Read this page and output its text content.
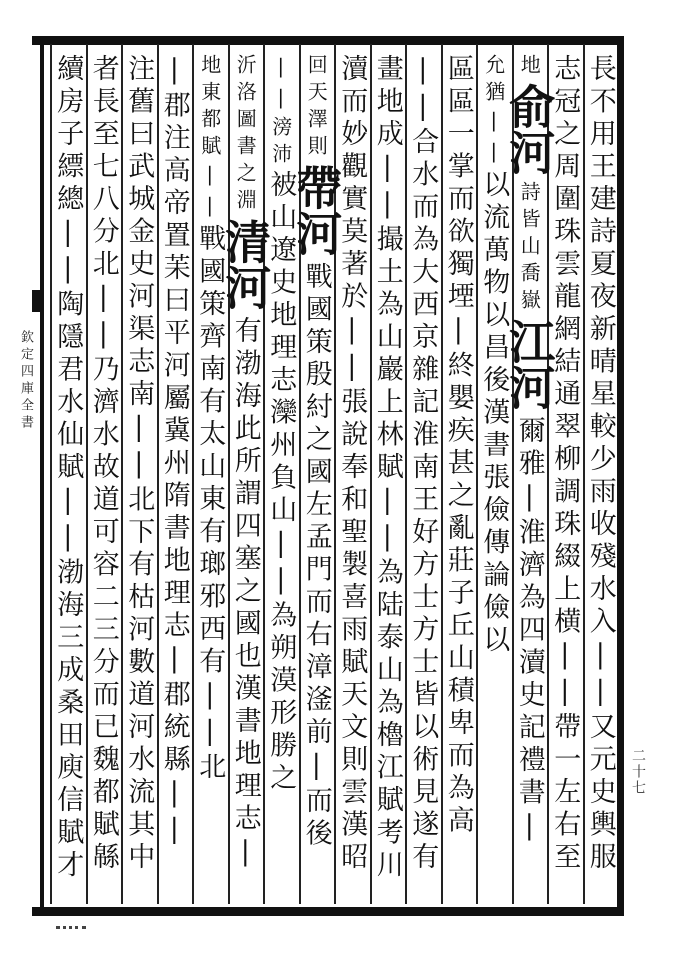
欽定四庫全書
二十七
長不用王建詩夏夜新晴星較少雨收殘水入||又元史輿服
志冠之周圍珠雲龍網結通翠柳調珠綴上横||帶一左右至
地
俞河
詩皆山喬嶽
江河
爾雅|淮濟為四瀆史記禮書|
允猶||
以流萬物以昌後漢書張儉傳論儉以
區區一掌而欲獨堙|終嬰疾甚之亂莊子丘山積卑而為高
||合水而為大西京雜記淮南王好方士方士皆以術見遂有
畫地成||撮土為山巖上林賦||為陆泰山為櫓江賦考川
瀆而妙觀實莫著於||張說奉和聖製喜雨賦天文則雲漢昭
回天澤則
帶河
戰國策殷紂之國左孟門而右漳滏前|而後
||滂沛
被山遼史地理志灤州負山||為朔漠形勝之
沂洛圖書之淵
清河
有渤海此所謂四塞之國也漢書地理志|
地東都賦||
戰國策齊南有太山東有瑯邪西有||北
|郡注高帝置苿曰平河屬冀州隋書地理志|郡統縣||
注舊曰武城金史河渠志南||北下有枯河數道河水流其中
者長至七八分北||乃濟水故道可容二三分而已魏都賦緜
續房子縹總||陶隱君水仙賦||渤海三成桑田庾信賦才
